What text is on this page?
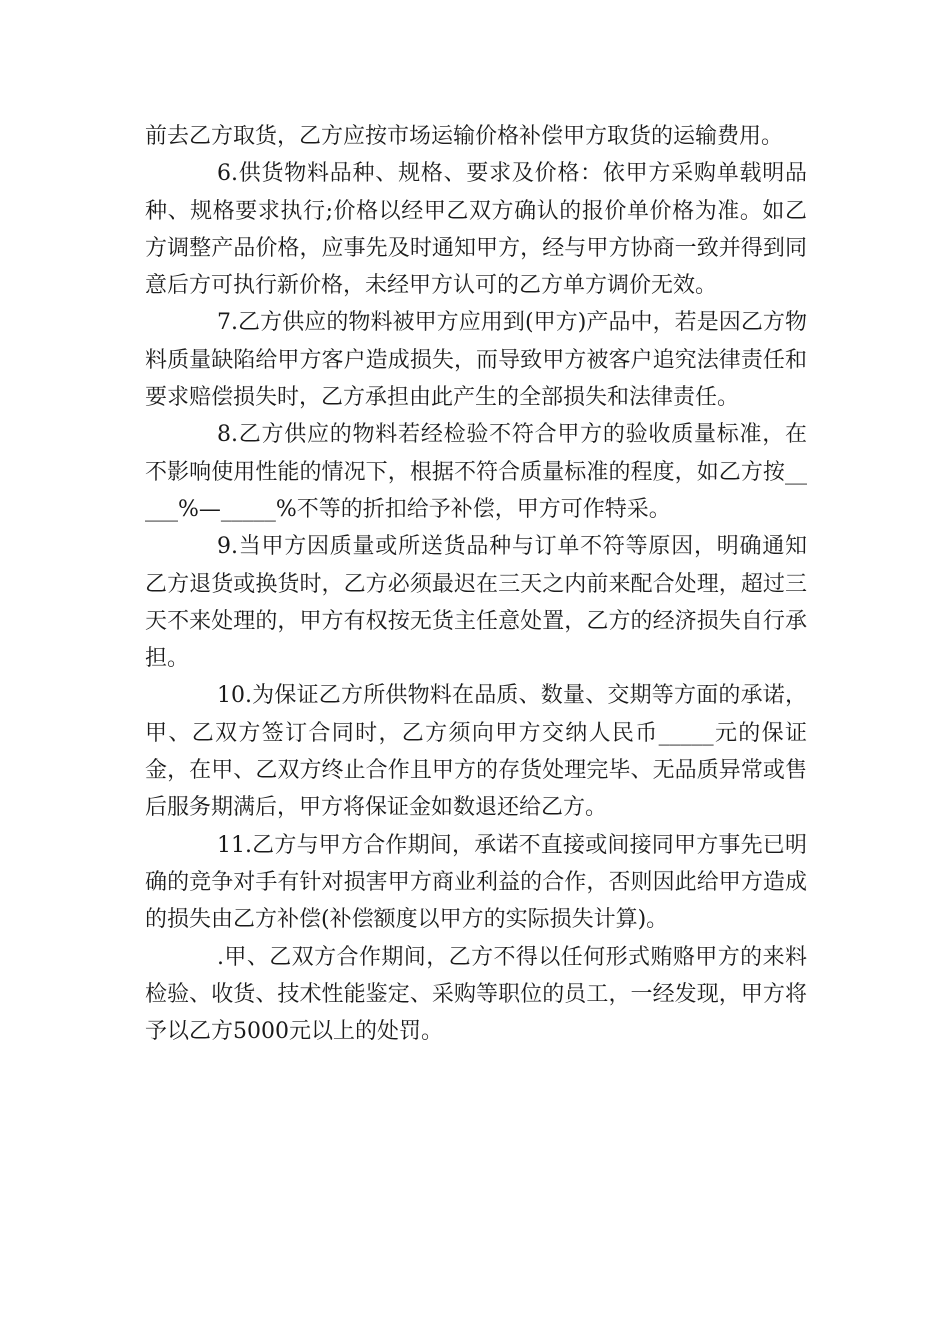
前去乙方取货，乙方应按市场运输价格补偿甲方取货的运输费用。

6.供货物料品种、规格、要求及价格：依甲方采购单载明品种、规格要求执行;价格以经甲乙双方确认的报价单价格为准。如乙方调整产品价格，应事先及时通知甲方，经与甲方协商一致并得到同意后方可执行新价格，未经甲方认可的乙方单方调价无效。

7.乙方供应的物料被甲方应用到(甲方)产品中，若是因乙方物料质量缺陷给甲方客户造成损失，而导致甲方被客户追究法律责任和要求赔偿损失时，乙方承担由此产生的全部损失和法律责任。

8.乙方供应的物料若经检验不符合甲方的验收质量标准，在不影响使用性能的情况下，根据不符合质量标准的程度，如乙方按_____%—_____%不等的折扣给予补偿，甲方可作特采。

9.当甲方因质量或所送货品种与订单不符等原因，明确通知乙方退货或换货时，乙方必须最迟在三天之内前来配合处理，超过三天不来处理的，甲方有权按无货主任意处置，乙方的经济损失自行承担。

10.为保证乙方所供物料在品质、数量、交期等方面的承诺，甲、乙双方签订合同时，乙方须向甲方交纳人民币_____元的保证金，在甲、乙双方终止合作且甲方的存货处理完毕、无品质异常或售后服务期满后，甲方将保证金如数退还给乙方。

11.乙方与甲方合作期间，承诺不直接或间接同甲方事先已明确的竞争对手有针对损害甲方商业利益的合作，否则因此给甲方造成的损失由乙方补偿(补偿额度以甲方的实际损失计算)。

.甲、乙双方合作期间，乙方不得以任何形式贿赂甲方的来料检验、收货、技术性能鉴定、采购等职位的员工，一经发现，甲方将予以乙方5000元以上的处罚。
